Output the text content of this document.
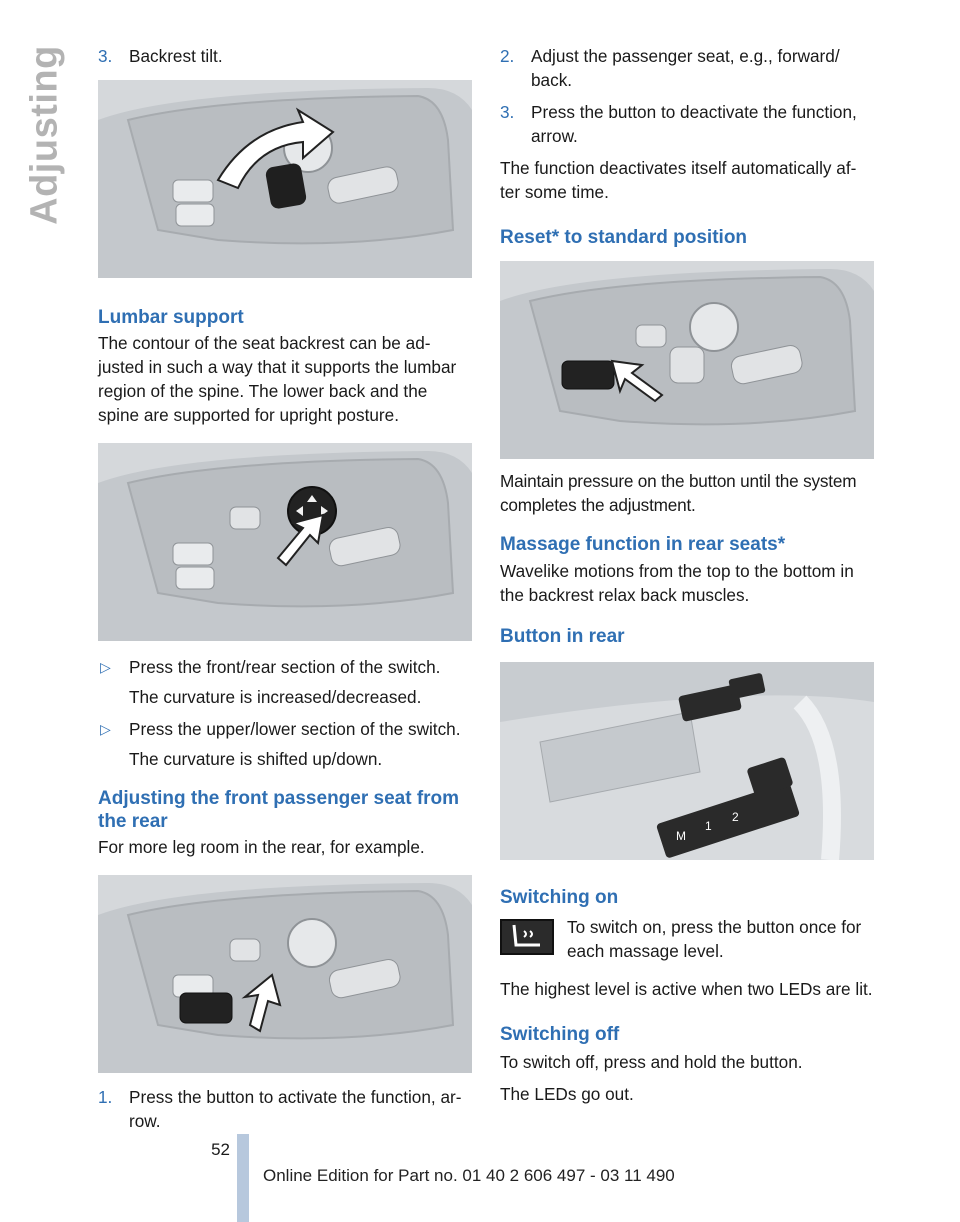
Adjusting 3. Backrest tilt.
Lumbar support

The contour of the seat backrest can be ad‐ justed in such a way that it supports the lumbar region of the spine. The lower back and the spine are supported for upright posture.

▷ Press the front/rear section of the switch.
The curvature is increased/decreased.
▷ Press the upper/lower section of the switch.
The curvature is shifted up/down.
Adjusting the front passenger seat from the rear

For more leg room in the rear, for example.

1. Press the button to activate the function, ar‐ row.
2. Adjust the passenger seat, e.g., forward/ back.
3. Press the button to deactivate the function, arrow.

The function deactivates itself automatically af‐ ter some time.

Reset* to standard position

Maintain pressure on the button until the system completes the adjustment.

Massage function in rear seats*

Wavelike motions from the top to the bottom in the backrest relax back muscles.

Button in rear
M
1
2
Switching on
To switch on, press the button once for each massage level.

The highest level is active when two LEDs are lit.

Switching off

To switch off, press and hold the button.

The LEDs go out.

52
Online Edition for Part no. 01 40 2 606 497 - 03 11 490
